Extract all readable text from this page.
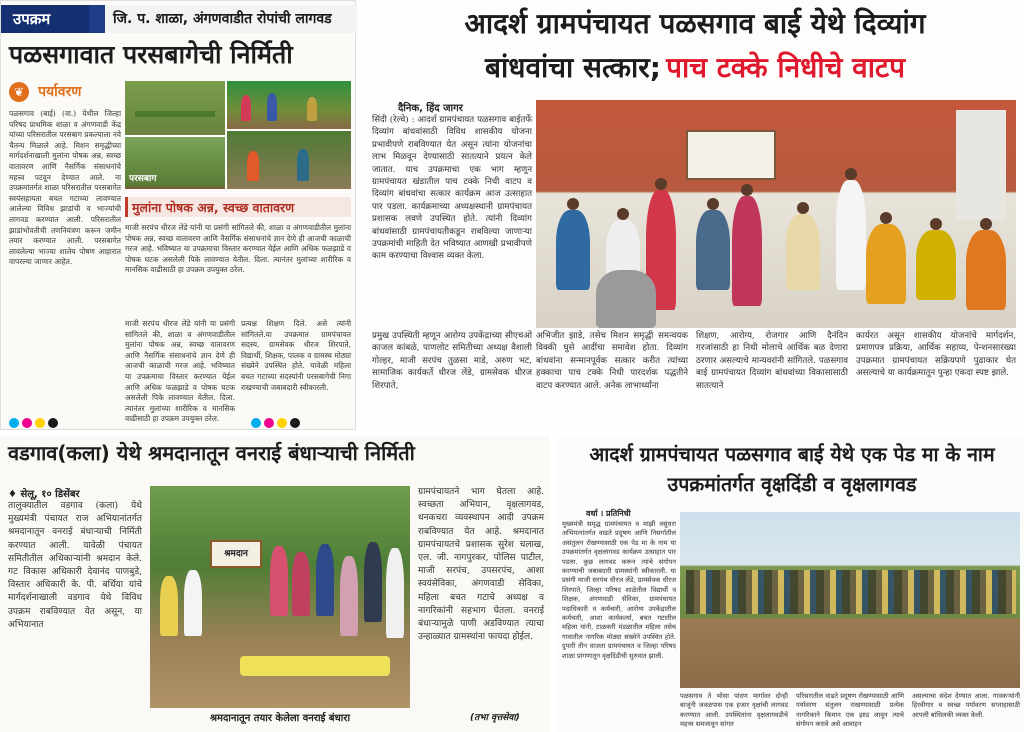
उपक्रम	जि. प. शाळा, अंगणवाडीत रोपांची लागवड
पळसगावात परसबागेची निर्मिती
❦ पर्यावरण
पळसगाव (बाई) (वा.) येथील जिल्हा परिषद प्राथमिक शाळा व अंगणवाडी केंद्र यांच्या परिसरातील परसबाग प्रकल्पाला नवे चैतन्य मिळाले आहे. मिशन समृद्धीच्या मार्गदर्शनाखाली मुलांना पोषक अन्न, स्वच्छ वातावरण आणि नैसर्गिक संसाधनांचे महत्त्व पटवून देण्यात आले. ना उपक्रमांतर्गत शाळा परिसरातील परसबागेत स्वयंसहायता बचत गटाच्या लावण्यात आलेल्या विविध झाडांची व भाज्यांची लागवड करण्यात आली. परिसरातील झाडांभोवतीची तणनियंत्रण करून जमीन तयार करण्यात आली. परसबागेत लावलेल्या भाज्या शालेय पोषण आहारात वापरल्या जाणार आहेत.
परसबाग
मुलांना पोषक अन्न, स्वच्छ वातावरण
माजी सरपंच धीरज लेंडे यांनी या प्रसंगी सांगितले की, शाळा व अंगणवाडीतील मुलांना पोषक अन्न, स्वच्छ वातावरण आणि नैसर्गिक संसाधनांचे ज्ञान देणे ही आजची काळाची गरज आहे. भविष्यात या उपक्रमाचा विस्तार करण्यात येईल आणि अधिक फळझाडे व पोषक घटक असलेली पिके लावण्यात येतील. दिला. त्यानंतर मुलांच्या शारीरिक व मानसिक वाढीसाठी हा उपक्रम उपयुक्त ठरेल.
माजी सरपंच धीरज लेंडे यांनी या प्रसंगी सांगितले की, शाळा व अंगणवाडीतील मुलांना पोषक अन्न, स्वच्छ वातावरण आणि नैसर्गिक संसाधनांचे ज्ञान देणे ही आजची काळाची गरज आहे. भविष्यात या उपक्रमाचा विस्तार करण्यात येईल आणि अधिक फळझाडे व पोषक घटक असलेली पिके लावण्यात येतील. दिला. त्यानंतर मुलांच्या शारीरिक व मानसिक वाढीसाठी हा उपक्रम उपयुक्त ठरेल.
प्रत्यक्ष शिक्षण दिले. असे त्यांनी सांगितले.या उपक्रमात ग्रामपंचायत सदस्य, ग्रामसेवक धीरज शिरपाते, विद्यार्थी, शिक्षक, पालक व ग्रामस्थ मोठ्या संख्येने उपस्थित होते. यावेळी महिला बचत गटाच्या सदस्यांनी परसबागेची निगा राखण्याची जबाबदारी स्वीकारली.
आदर्श ग्रामपंचायत पळसगाव बाई येथे दिव्यांग
बांधवांचा सत्कार; पाच टक्के निधीचे वाटप
दैनिक, हिंद जागर
सिंदी (रेल्वे) : आदर्श ग्रामपंचायत पळसगाव बाईतर्फे दिव्यांग बांधवांसाठी विविध शासकीय योजना प्रभावीपणे राबविण्यात येत असून त्यांना योजनांचा लाभ मिळवून देण्यासाठी सातत्याने प्रयत्न केले जातात. याच उपक्रमाचा एक भाग म्हणून ग्रामपंचायत खंडातील पाच टक्के निधी वाटप व दिव्यांग बांधवांचा सत्कार कार्यक्रम आज उत्साहात पार पडला. कार्यक्रमाच्या अध्यक्षस्थानी ग्रामपंचायत प्रशासक लवणे उपस्थित होते. त्यांनी दिव्यांग बांधवांसाठी ग्रामपंचायतीकडून राबविल्या जाणाऱ्या उपक्रमांची माहिती देत भविष्यात आणखी प्रभावीपणे काम करण्याचा विश्वास व्यक्त केला.
प्रमुख उपस्थिती म्हणून आरोग्य उपकेंद्राच्या सीएचओ काजल कांबळे, पाणलोट समितीच्या अध्यक्ष वैशाली गोल्हर, माजी सरपंच तुळसा माडे, अरुण भट, सामाजिक कार्यकर्ते धीरज लेंडे, ग्रामसेवक धीरज शिरपाते,
अभिजीत झाडे, तसेच मिशन समृद्धी समन्वयक विक्की घुसे आदींचा समावेश होता. दिव्यांग बांधवांना सन्मानपूर्वक सत्कार करीत त्यांच्या हक्काचा पाच टक्के निधी पारदर्शक पद्धतीने वाटप करण्यात आले. अनेक लाभार्थ्यांना
शिक्षण, आरोग्य, रोजगार आणि दैनंदिन गरजांसाठी हा निधी मोलाचे आर्थिक बळ देणारा ठरणार असल्याचे मान्यवरांनी सांगितले. पळसगाव बाई ग्रामपंचायत दिव्यांग बांधवांच्या विकासासाठी सातत्याने
कार्यरत असून शासकीय योजनांचे मार्गदर्शन, प्रमाणपत्र प्रक्रिया, आर्थिक सहाय्य, पेन्शनसारख्या उपक्रमात ग्रामपंचायत सक्रियपणे पुढाकार घेत असल्याचे या कार्यक्रमातून पुन्हा एकदा स्पष्ट झाले.
वडगाव(कला) येथे श्रमदानातून वनराई बंधाऱ्याची निर्मिती
♦ सेलू, १० डिसेंबर
तालुक्यातील वडगाव (कला) येथे मुख्यमंत्री पंचायत राज अभियानांतर्गत श्रमदानातून वनराई बंधाऱ्याची निर्मिती करण्यात आली. यावेळी पंचायत समितीतील अधिकाऱ्यांनी श्रमदान केले. गट विकास अधिकारी देवानंद पाणबुडे, विस्तार अधिकारी के. पी. बर्धिया यांचे मार्गदर्शनाखाली वडगाव येथे विविध उपक्रम राबविण्यात येत असून, या अभियानात
श्रमदान
श्रमदानातून तयार केलेला वनराई बंधारा
ग्रामपंचायतने भाग घेतला आहे. स्वच्छता अभियान, वृक्षलागवड, धनकचरा व्यवस्थापन आदी उपक्रम राबविण्यात येत आहे. श्रमदानात ग्रामपंचायतचे प्रशासक सुरेश चलाख, एल. जी. नागपुरकर, पोलिस पाटील, माजी सरपंच, उपसरपंच, आशा स्वयंसेविका, अंगणवाडी सेविका, महिला बचत गटाचे अध्यक्ष व नागरिकांनी सहभाग घेतला. वनराई बंधाऱ्यामुळे पाणी अडविण्यात त्याचा उन्हाळ्यात ग्रामस्थांना फायदा होईल.
(तभा वृत्तसेवा)
आदर्श ग्रामपंचायत पळसगाव बाई येथे एक पेड मा के नाम उपक्रमांतर्गत वृक्षदिंडी व वृक्षलागवड
वर्धा । प्रतिनिधी
मुख्यमंत्री समृद्ध ग्रामपंचायत व माझी वसुंधरा अभियानांतर्गत वाढते प्रदूषण आणि निसर्गातील असंतुलन रोखण्यासाठी एक पेड मा के नाम या उपक्रमांतर्गत वृक्षलागवड कार्यक्रम उत्साहात पार पडला. कुछ लागवड करून त्यांचे संगोपन करण्याची जबाबदारी ग्रामस्थांनी स्वीकारली. या प्रसंगी माजी सरपंच धीरज लेंडे, ग्रामसेवक धीरज शिरपाते, जिल्हा परिषद शाळेतील विद्यार्थी व शिक्षक, अंगणवाडी सेविका, ग्रामपंचायत पदाधिकारी व कर्मचारी, आरोग्य उपकेंद्रातील कर्मचारी, आशा कार्यकर्त्या, बचत गटातील महिला यांनी, टाळकरी मंडळातील महिला तसेच गावातील नागरिक मोठ्या संख्येने उपस्थित होते. दुपारी तीन वाजता ग्रामपंचायत व जिल्हा परिषद शाळा प्रांगणातून वृक्षदिंडीची सुरुवात झाली.
पळसगाव ते भोसा पांदण मार्गावर दोन्ही बाजूंनी जवळपास एक हजार वृक्षांची लागवड करण्यात आली. उपस्थितांना वृक्षलागवडीचे महत्त्व समजावून सांगत
परिसरातील वाढते प्रदूषण रोखण्यासाठी आणि पर्यावरण संतुलन राखण्यासाठी प्रत्येक नागरिकाने किमान एक झाड लावून त्याचे संगोपन करावे असे आवाहन
असल्याचा संदेश देण्यात आला. गावकऱ्यांनी हिरवीगार व स्वच्छ पर्यावरण सप्ताहासाठी आपली बांधिलकी व्यक्त केली.
